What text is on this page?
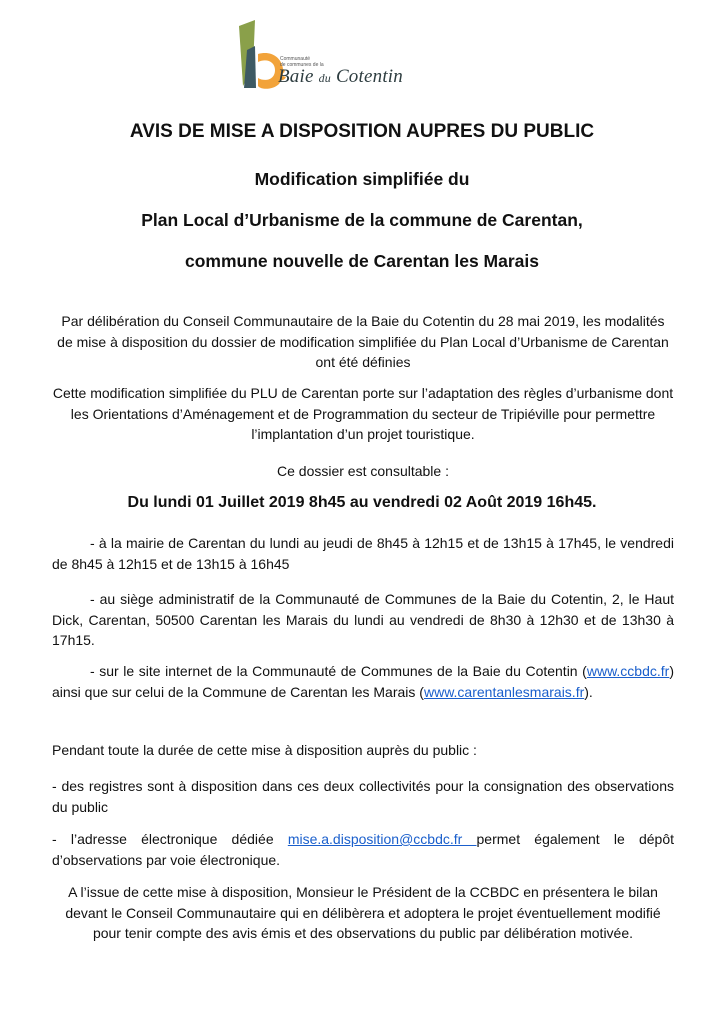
Communauté
de communes de la
Baie du Cotentin
AVIS DE MISE A DISPOSITION AUPRES DU PUBLIC
Modification simplifiée du
Plan Local d’Urbanisme de la commune de Carentan,
commune nouvelle de Carentan les Marais

Par délibération du Conseil Communautaire de la Baie du Cotentin du 28 mai 2019, les modalités de mise à disposition du dossier de modification simplifiée du Plan Local d’Urbanisme de Carentan ont été définies

Cette modification simplifiée du PLU de Carentan porte sur l’adaptation des règles d’urbanisme dont les Orientations d’Aménagement et de Programmation du secteur de Tripiéville pour permettre l’implantation d’un projet touristique.

Ce dossier est consultable :

Du lundi 01 Juillet 2019 8h45 au vendredi 02 Août 2019 16h45.

- à la mairie de Carentan du lundi au jeudi de 8h45 à 12h15 et de 13h15 à 17h45, le vendredi de 8h45 à 12h15 et de 13h15 à 16h45

- au siège administratif de la Communauté de Communes de la Baie du Cotentin, 2, le Haut Dick, Carentan, 50500 Carentan les Marais du lundi au vendredi de 8h30 à 12h30 et de 13h30 à 17h15.

- sur le site internet de la Communauté de Communes de la Baie du Cotentin (www.ccbdc.fr) ainsi que sur celui de la Commune de Carentan les Marais (www.carentanlesmarais.fr).

Pendant toute la durée de cette mise à disposition auprès du public :

- des registres sont à disposition dans ces deux collectivités pour la consignation des observations du public

- l’adresse électronique dédiée mise.a.disposition@ccbdc.fr permet également le dépôt d’observations par voie électronique.

A l’issue de cette mise à disposition, Monsieur le Président de la CCBDC en présentera le bilan devant le Conseil Communautaire qui en délibèrera et adoptera le projet éventuellement modifié pour tenir compte des avis émis et des observations du public par délibération motivée.
